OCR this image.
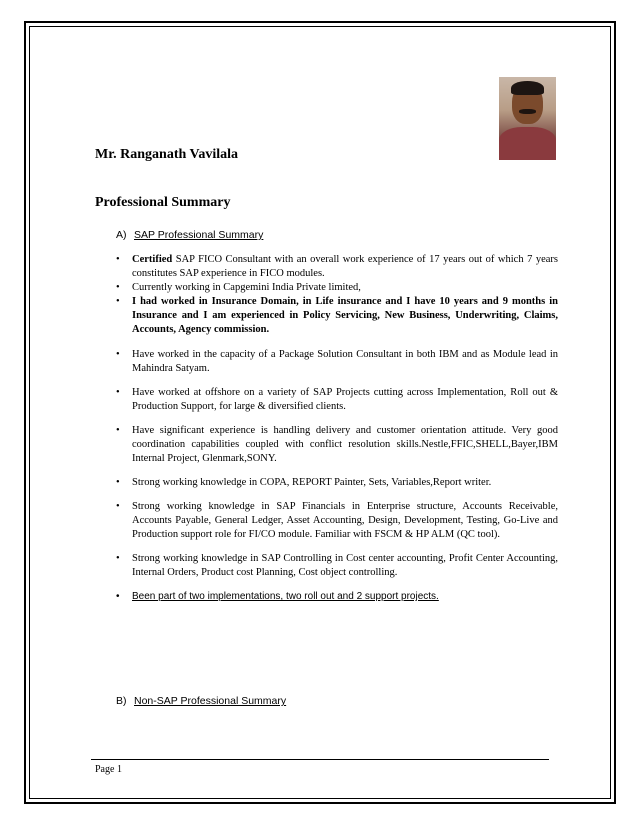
Mr. Ranganath Vavilala
Professional Summary
A) SAP Professional Summary
• Certified SAP FICO Consultant with an overall work experience of 17 years out of which 7 years constitutes SAP experience in FICO modules.
• Currently working in Capgemini India Private limited,
• I had worked in Insurance Domain, in Life insurance and I have 10 years and 9 months in Insurance and I am experienced in Policy Servicing, New Business, Underwriting, Claims, Accounts, Agency commission.
• Have worked in the capacity of a Package Solution Consultant in both IBM and as Module lead in Mahindra Satyam.
• Have worked at offshore on a variety of SAP Projects cutting across Implementation, Roll out & Production Support, for large & diversified clients.
• Have significant experience is handling delivery and customer orientation attitude. Very good coordination capabilities coupled with conflict resolution skills.Nestle,FFIC,SHELL,Bayer,IBM Internal Project, Glenmark,SONY.
• Strong working knowledge in COPA, REPORT Painter, Sets, Variables,Report writer.
• Strong working knowledge in SAP Financials in Enterprise structure, Accounts Receivable, Accounts Payable, General Ledger, Asset Accounting, Design, Development, Testing, Go-Live and Production support role for FI/CO module. Familiar with FSCM & HP ALM (QC tool).
• Strong working knowledge in SAP Controlling in Cost center accounting, Profit Center Accounting, Internal Orders, Product cost Planning, Cost object controlling.
• Been part of two implementations, two roll out and 2 support projects.
B) Non-SAP Professional Summary
Page 1
